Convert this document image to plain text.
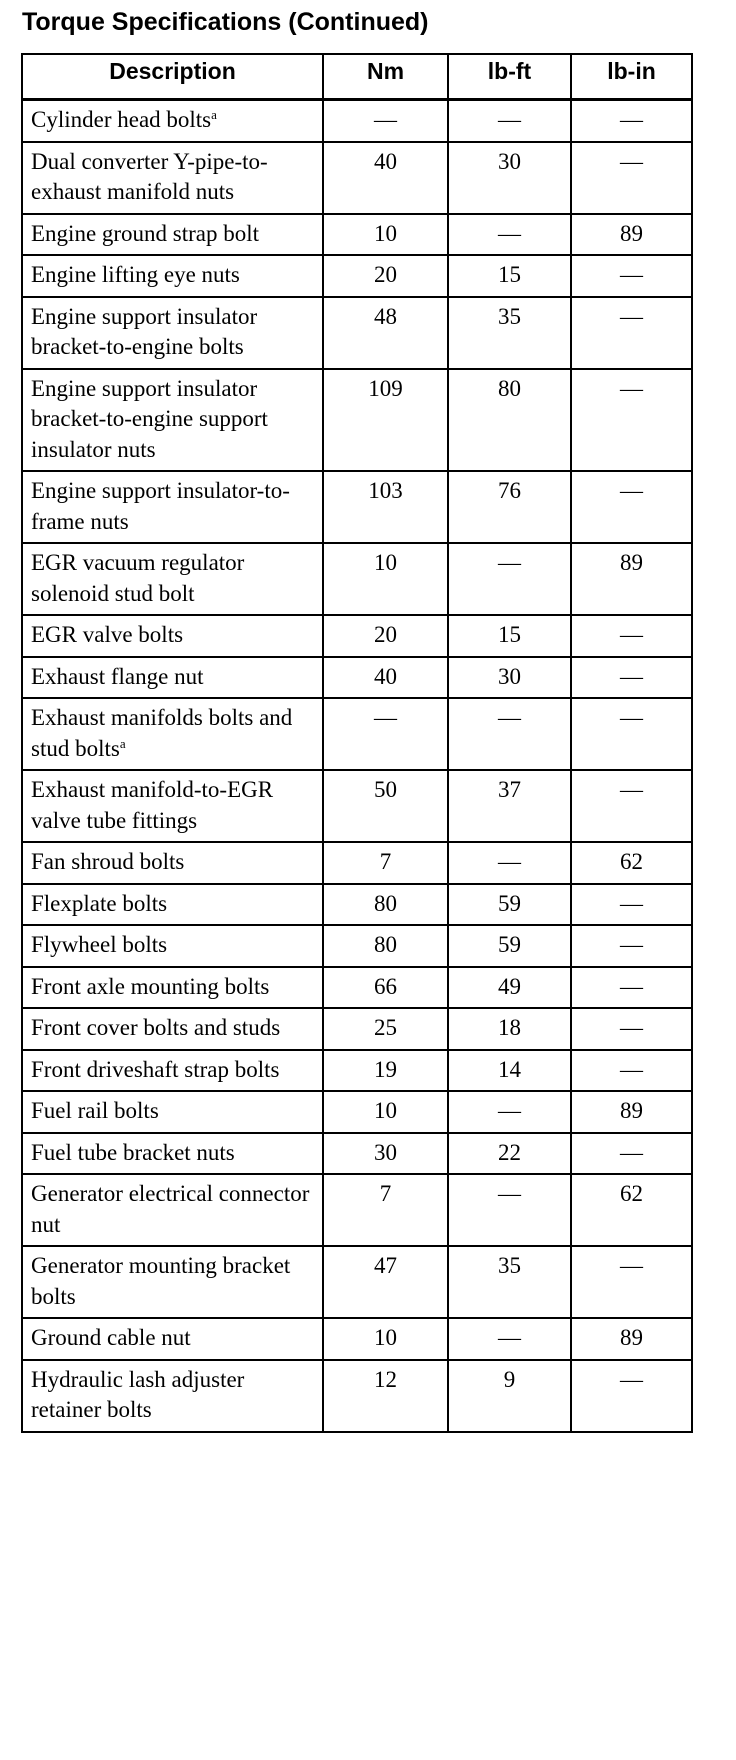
Torque Specifications (Continued)
Description	Nm	lb-ft	lb-in
Cylinder head bolts$^a$	—	—	—
Dual converter Y-pipe-to-exhaust manifold nuts	40	30	—
Engine ground strap bolt	10	—	89
Engine lifting eye nuts	20	15	—
Engine support insulator bracket-to-engine bolts	48	35	—
Engine support insulator bracket-to-engine support insulator nuts	109	80	—
Engine support insulator-to-frame nuts	103	76	—
EGR vacuum regulator solenoid stud bolt	10	—	89
EGR valve bolts	20	15	—
Exhaust flange nut	40	30	—
Exhaust manifolds bolts and stud bolts$^a$	—	—	—
Exhaust manifold-to-EGR valve tube fittings	50	37	—
Fan shroud bolts	7	—	62
Flexplate bolts	80	59	—
Flywheel bolts	80	59	—
Front axle mounting bolts	66	49	—
Front cover bolts and studs	25	18	—
Front driveshaft strap bolts	19	14	—
Fuel rail bolts	10	—	89
Fuel tube bracket nuts	30	22	—
Generator electrical connector nut	7	—	62
Generator mounting bracket bolts	47	35	—
Ground cable nut	10	—	89
Hydraulic lash adjuster retainer bolts	12	9	—
